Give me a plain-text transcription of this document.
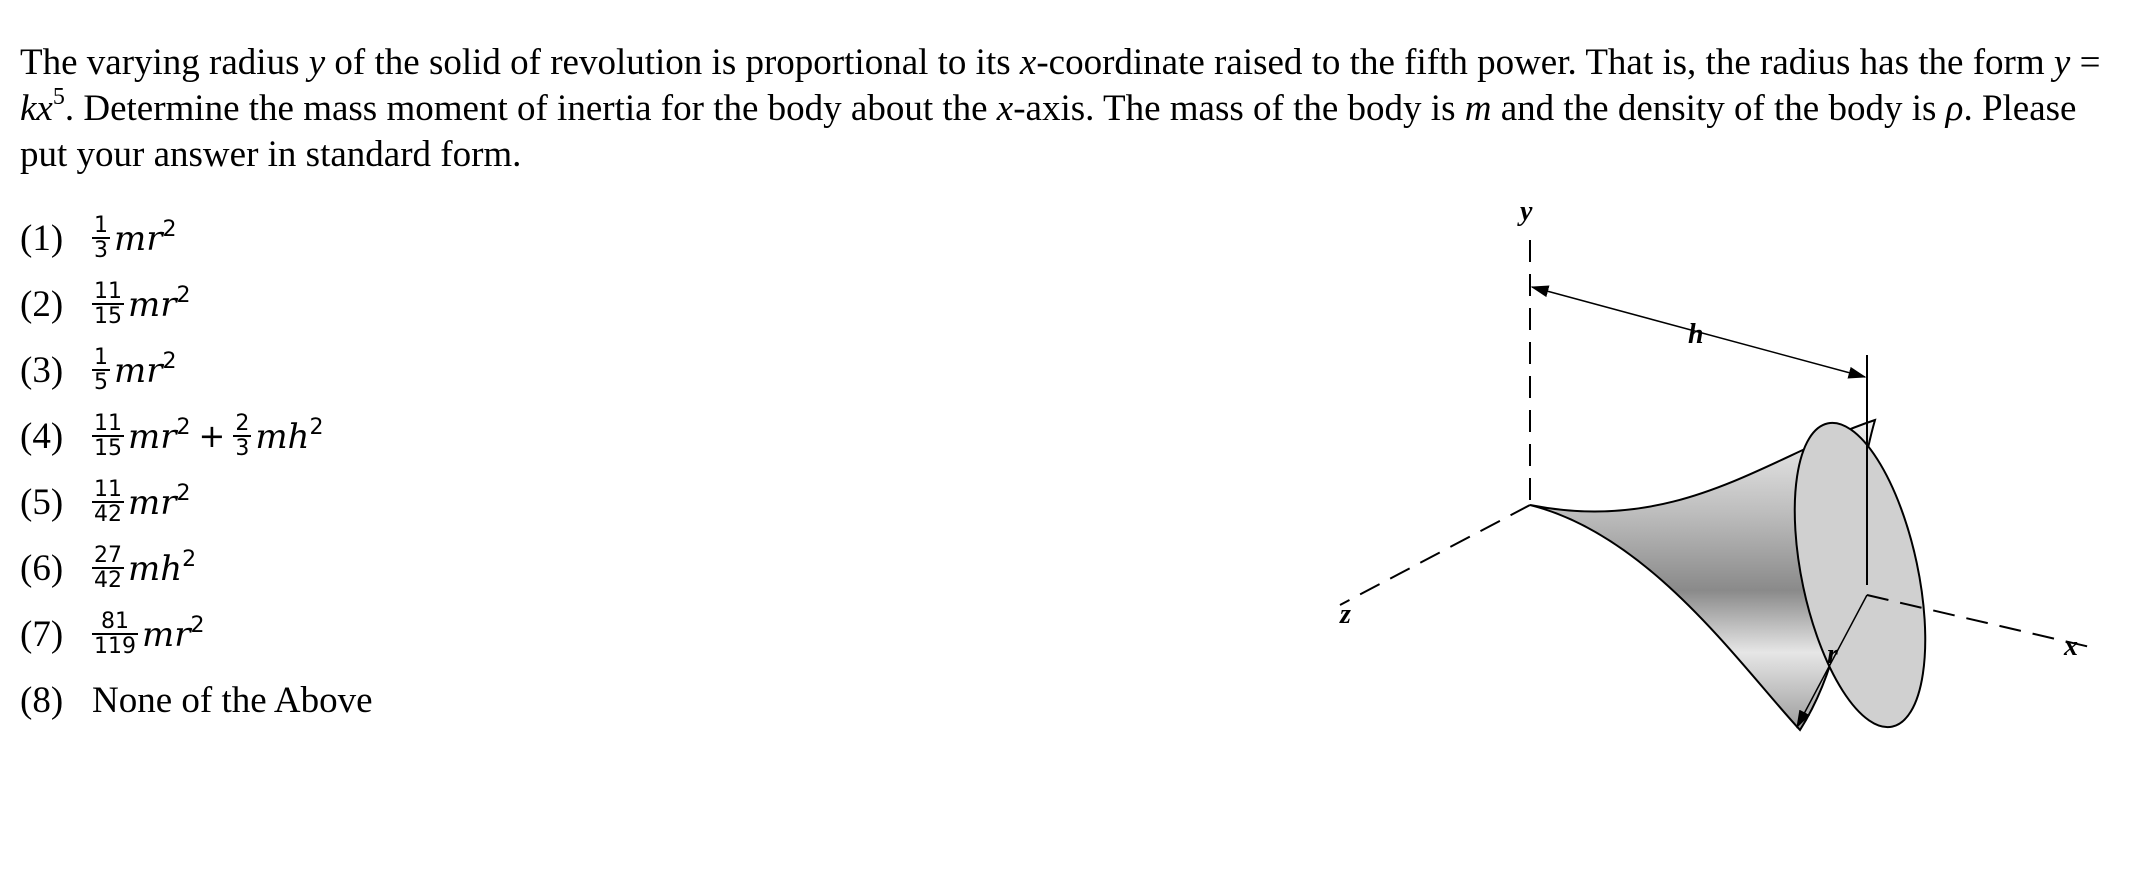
The varying radius y of the solid of revolution is proportional to its x-coordinate raised to the fifth power. That is, the radius has the form $y = kx^5$. Determine the mass moment of inertia for the body about the x-axis. The mass of the body is m and the density of the body is ρ. Please put your answer in standard form.
(1)	$\frac{1}{3} mr^2$
(2)	$\frac{11}{15} mr^2$
(3)	$\frac{1}{5} mr^2$
(4)	$\frac{11}{15} mr^2 + \frac{2}{3} mh^2$
(5)	$\frac{11}{42} mr^2$
(6)	$\frac{27}{42} mh^2$
(7)	$\frac{81}{119} mr^2$
(8) None of the Above
y
h
z
r	x
